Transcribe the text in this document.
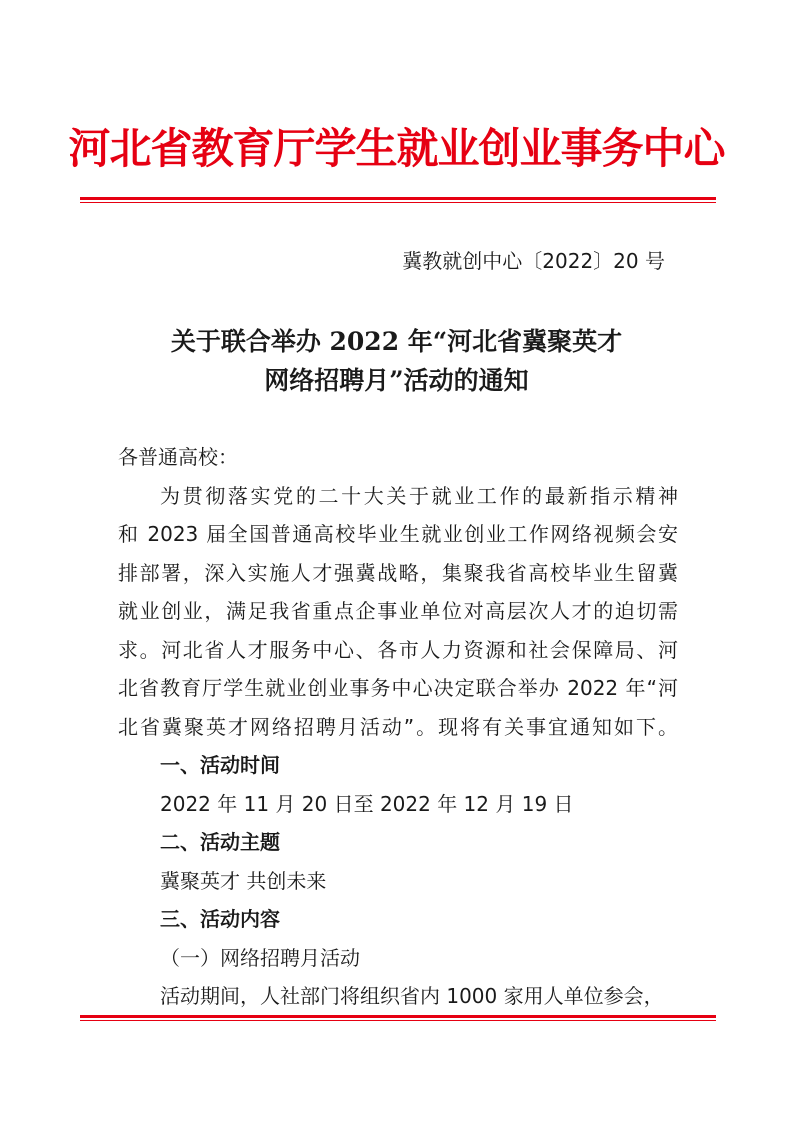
河北省教育厅学生就业创业事务中心
冀教就创中心〔2022〕20 号
关于联合举办 2022 年“河北省冀聚英才
网络招聘月”活动的通知
各普通高校：
为贯彻落实党的二十大关于就业工作的最新指示精神
和 2023 届全国普通高校毕业生就业创业工作网络视频会安
排部署，深入实施人才强冀战略，集聚我省高校毕业生留冀
就业创业，满足我省重点企事业单位对高层次人才的迫切需
求。河北省人才服务中心、各市人力资源和社会保障局、河
北省教育厅学生就业创业事务中心决定联合举办 2022 年“河
北省冀聚英才网络招聘月活动”。现将有关事宜通知如下。
一、活动时间
2022 年 11 月 20 日至 2022 年 12 月 19 日
二、活动主题
冀聚英才 共创未来
三、活动内容
（一）网络招聘月活动
活动期间，人社部门将组织省内 1000 家用人单位参会，
